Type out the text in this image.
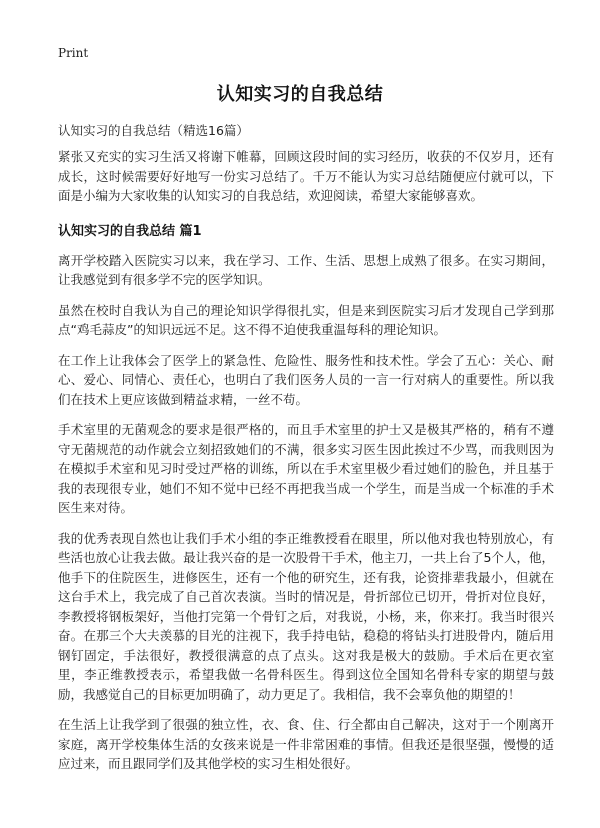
Print
认知实习的自我总结
认知实习的自我总结（精选16篇）

紧张又充实的实习生活又将谢下帷幕，回顾这段时间的实习经历，收获的不仅岁月，还有成长，这时候需要好好地写一份实习总结了。千万不能认为实习总结随便应付就可以，下面是小编为大家收集的认知实习的自我总结，欢迎阅读，希望大家能够喜欢。

认知实习的自我总结 篇1

离开学校踏入医院实习以来，我在学习、工作、生活、思想上成熟了很多。在实习期间，让我感觉到有很多学不完的医学知识。

虽然在校时自我认为自己的理论知识学得很扎实，但是来到医院实习后才发现自己学到那点“鸡毛蒜皮”的知识远远不足。这不得不迫使我重温每科的理论知识。

在工作上让我体会了医学上的紧急性、危险性、服务性和技术性。学会了五心：关心、耐心、爱心、同情心、责任心，也明白了我们医务人员的一言一行对病人的重要性。所以我们在技术上更应该做到精益求精，一丝不苟。

手术室里的无菌观念的要求是很严格的，而且手术室里的护士又是极其严格的，稍有不遵守无菌规范的动作就会立刻招致她们的不满，很多实习医生因此挨过不少骂，而我则因为在模拟手术室和见习时受过严格的训练，所以在手术室里极少看过她们的脸色，并且基于我的表现很专业，她们不知不觉中已经不再把我当成一个学生，而是当成一个标准的手术医生来对待。

我的优秀表现自然也让我们手术小组的李正维教授看在眼里，所以他对我也特别放心，有些活也放心让我去做。最让我兴奋的是一次股骨干手术，他主刀，一共上台了5个人，他，他手下的住院医生，进修医生，还有一个他的研究生，还有我，论资排辈我最小，但就在这台手术上，我完成了自己首次表演。当时的情况是，骨折部位已切开，骨折对位良好，李教授将钢板架好，当他打完第一个骨钉之后，对我说，小杨，来，你来打。我当时很兴奋。在那三个大夫羡慕的目光的注视下，我手持电钻，稳稳的将钻头打进股骨内，随后用钢钉固定，手法很好，教授很满意的点了点头。这对我是极大的鼓励。手术后在更衣室里，李正维教授表示，希望我做一名骨科医生。得到这位全国知名骨科专家的期望与鼓励，我感觉自己的目标更加明确了，动力更足了。我相信，我不会辜负他的期望的！

在生活上让我学到了很强的独立性，衣、食、住、行全都由自己解决，这对于一个刚离开家庭，离开学校集体生活的女孩来说是一件非常困难的事情。但我还是很坚强，慢慢的适应过来，而且跟同学们及其他学校的实习生相处很好。
